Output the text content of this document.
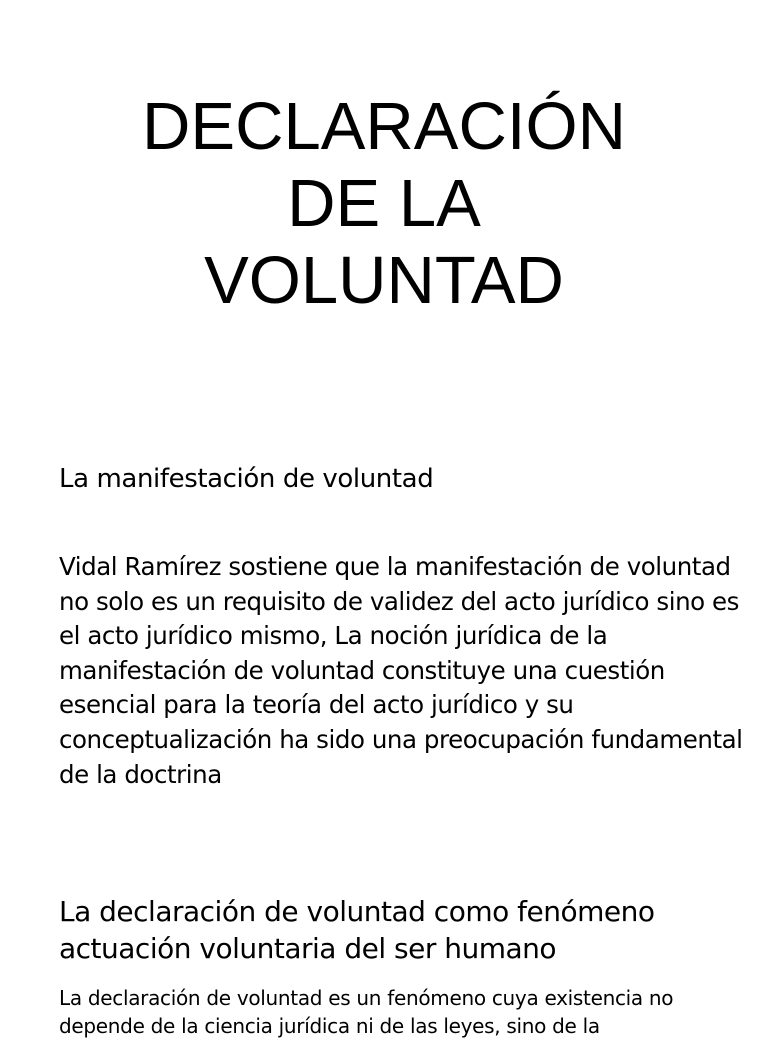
DECLARACIÓN
DE LA
VOLUNTAD

La manifestación de voluntad

Vidal Ramírez sostiene que la manifestación de voluntad no solo es un requisito de validez del acto jurídico sino es el acto jurídico mismo, La noción jurídica de la manifestación de voluntad constituye una cuestión esencial para la teoría del acto jurídico y su conceptualización ha sido una preocupación fundamental de la doctrina

La declaración de voluntad como fenómeno actuación voluntaria del ser humano

La declaración de voluntad es un fenómeno cuya existencia no depende de la ciencia jurídica ni de las leyes, sino de la
